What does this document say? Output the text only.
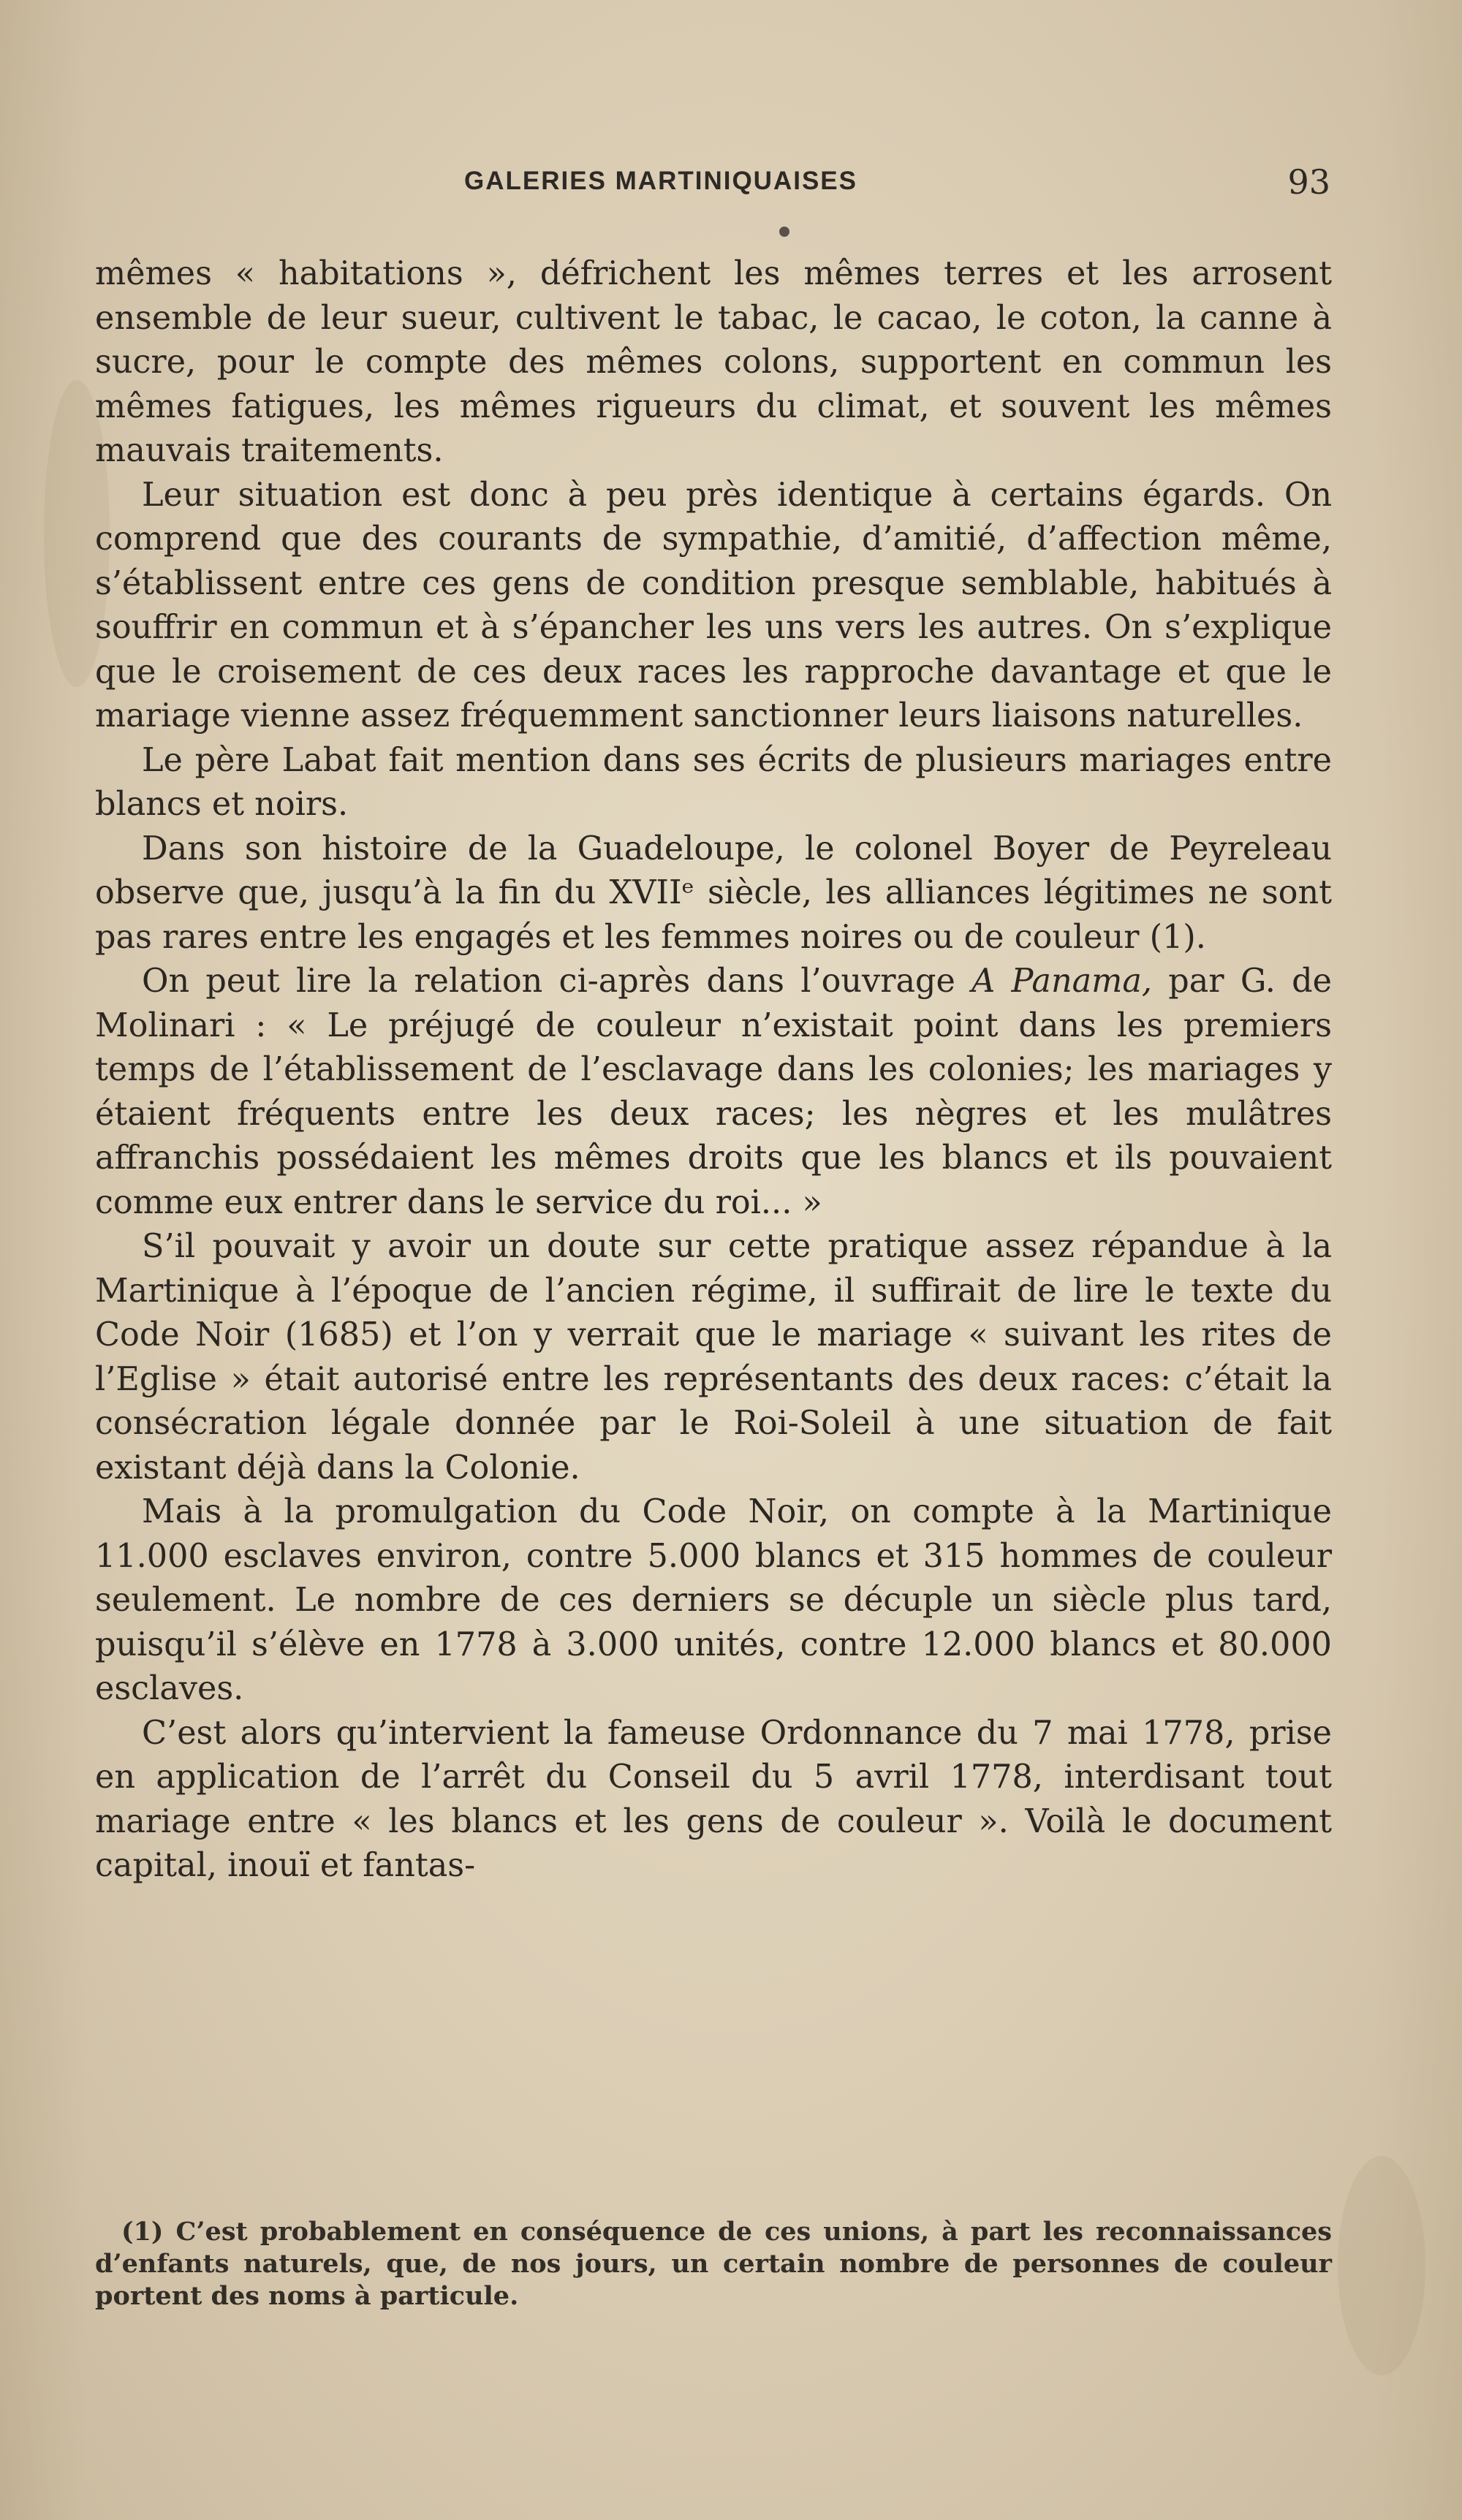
GALERIES MARTINIQUAISES	93

mêmes « habitations », défrichent les mêmes terres et les arrosent ensemble de leur sueur, cultivent le tabac, le cacao, le coton, la canne à sucre, pour le compte des mêmes colons, supportent en commun les mêmes fatigues, les mêmes rigueurs du climat, et souvent les mêmes mauvais traitements.

Leur situation est donc à peu près identique à certains égards. On comprend que des courants de sympathie, d’amitié, d’affection même, s’établissent entre ces gens de condition presque semblable, habitués à souffrir en commun et à s’épancher les uns vers les autres. On s’explique que le croisement de ces deux races les rapproche davantage et que le mariage vienne assez fréquemment sanctionner leurs liaisons naturelles.

Le père Labat fait mention dans ses écrits de plusieurs mariages entre blancs et noirs.

Dans son histoire de la Guadeloupe, le colonel Boyer de Peyreleau observe que, jusqu’à la fin du XVIIᵉ siècle, les alliances légitimes ne sont pas rares entre les engagés et les femmes noires ou de couleur (1).

On peut lire la relation ci-après dans l’ouvrage A Panama, par G. de Molinari : « Le préjugé de couleur n’existait point dans les premiers temps de l’établissement de l’esclavage dans les colonies; les mariages y étaient fréquents entre les deux races; les nègres et les mulâtres affranchis possédaient les mêmes droits que les blancs et ils pouvaient comme eux entrer dans le service du roi... »

S’il pouvait y avoir un doute sur cette pratique assez répandue à la Martinique à l’époque de l’ancien régime, il suffirait de lire le texte du Code Noir (1685) et l’on y verrait que le mariage « suivant les rites de l’Eglise » était autorisé entre les représentants des deux races: c’était la consécration légale donnée par le Roi-Soleil à une situation de fait existant déjà dans la Colonie.

Mais à la promulgation du Code Noir, on compte à la Martinique 11.000 esclaves environ, contre 5.000 blancs et 315 hommes de couleur seulement. Le nombre de ces derniers se décuple un siècle plus tard, puisqu’il s’élève en 1778 à 3.000 unités, contre 12.000 blancs et 80.000 esclaves.

C’est alors qu’intervient la fameuse Ordonnance du 7 mai 1778, prise en application de l’arrêt du Conseil du 5 avril 1778, interdisant tout mariage entre « les blancs et les gens de couleur ». Voilà le document capital, inouï et fantas-

(1) C’est probablement en conséquence de ces unions, à part les reconnaissances d’enfants naturels, que, de nos jours, un certain nombre de personnes de couleur portent des noms à particule.
